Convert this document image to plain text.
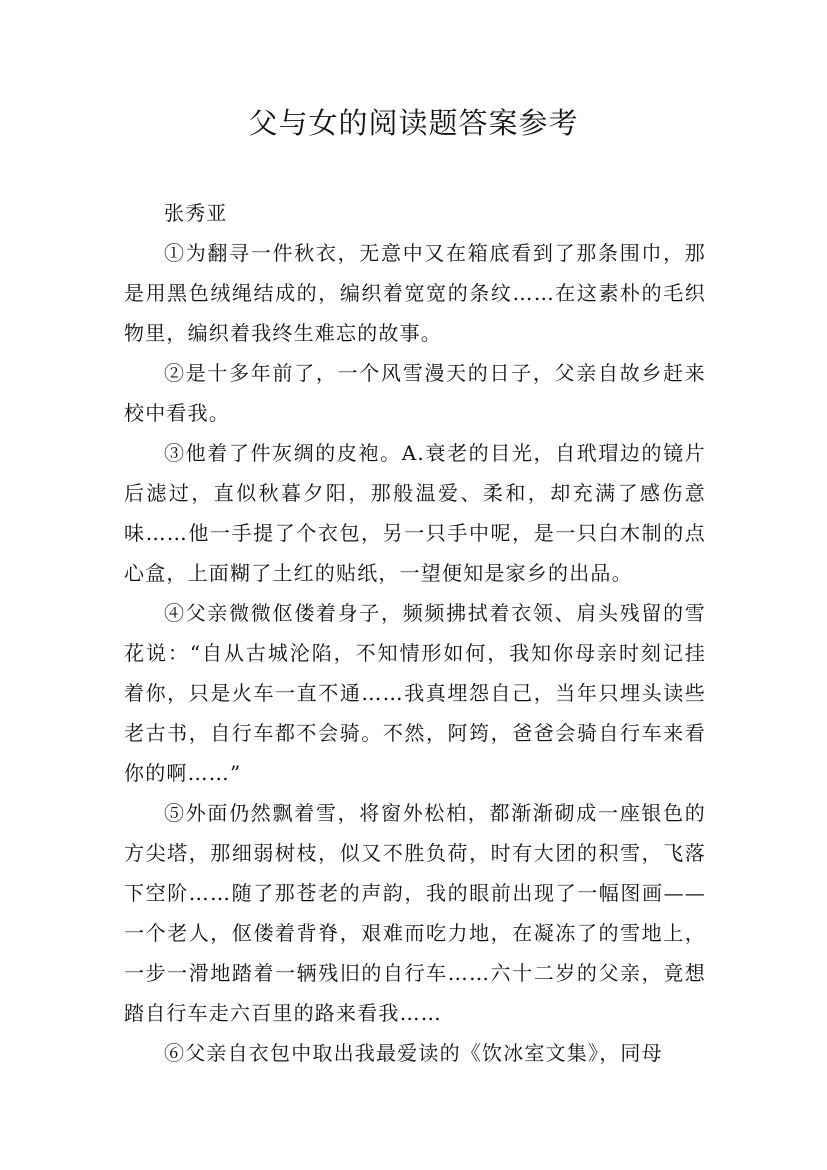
父与女的阅读题答案参考

张秀亚

①为翻寻一件秋衣，无意中又在箱底看到了那条围巾，那是用黑色绒绳结成的，编织着宽宽的条纹……在这素朴的毛织物里，编织着我终生难忘的故事。

②是十多年前了，一个风雪漫天的日子，父亲自故乡赶来校中看我。

③他着了件灰绸的皮袍。A.衰老的目光，自玳瑁边的镜片后滤过，直似秋暮夕阳，那般温爱、柔和，却充满了感伤意味……他一手提了个衣包，另一只手中呢，是一只白木制的点心盒，上面糊了土红的贴纸，一望便知是家乡的出品。

④父亲微微伛偻着身子，频频拂拭着衣领、肩头残留的雪花说：“自从古城沦陷，不知情形如何，我知你母亲时刻记挂着你，只是火车一直不通……我真埋怨自己，当年只埋头读些老古书，自行车都不会骑。不然，阿筠，爸爸会骑自行车来看你的啊……”

⑤外面仍然飘着雪，将窗外松柏，都渐渐砌成一座银色的方尖塔，那细弱树枝，似又不胜负荷，时有大团的积雪，飞落下空阶……随了那苍老的声韵，我的眼前出现了一幅图画——一个老人，伛偻着背脊，艰难而吃力地，在凝冻了的雪地上，一步一滑地踏着一辆残旧的自行车……六十二岁的父亲，竟想踏自行车走六百里的路来看我……

⑥父亲自衣包中取出我最爱读的《饮冰室文集》，同母
